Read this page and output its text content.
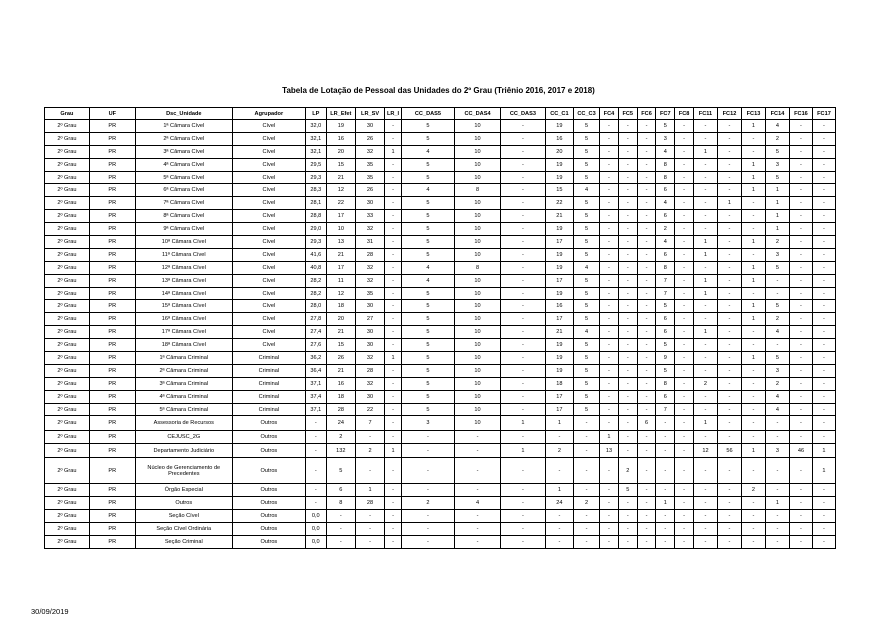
Tabela de Lotação de Pessoal das Unidades do 2º Grau (Triênio 2016, 2017 e 2018)
Grau	UF	Dsc_Unidade	Agrupador	LP	LR_Efet	LR_SV	LR_I	CC_DAS5	CC_DAS4	CC_DAS3	CC_C1	CC_C3	FC4	FC5	FC6	FC7	FC8	FC11	FC12	FC13	FC14	FC16	FC17
2º Grau	PR	1ª Câmara Cível	Cível	32,0	19	30	-	5	10	-	19	5	-	-	-	5	-	-	-	1	4	-	-
2º Grau	PR	2ª Câmara Cível	Cível	32,1	16	26	-	5	10	-	16	5	-	-	-	3	-	-	-	-	2	-	-
2º Grau	PR	3ª Câmara Cível	Cível	32,1	20	32	1	4	10	-	20	5	-	-	-	4	-	1	-	-	5	-	-
2º Grau	PR	4ª Câmara Cível	Cível	29,5	15	35	-	5	10	-	19	5	-	-	-	8	-	-	-	1	3	-	-
2º Grau	PR	5ª Câmara Cível	Cível	29,3	21	35	-	5	10	-	19	5	-	-	-	8	-	-	-	1	5	-	-
2º Grau	PR	6ª Câmara Cível	Cível	28,3	12	26	-	4	8	-	15	4	-	-	-	6	-	-	-	1	1	-	-
2º Grau	PR	7ª Câmara Cível	Cível	28,1	22	30	-	5	10	-	22	5	-	-	-	4	-	-	1	-	1	-	-
2º Grau	PR	8ª Câmara Cível	Cível	28,8	17	33	-	5	10	-	21	5	-	-	-	6	-	-	-	-	1	-	-
2º Grau	PR	9ª Câmara Cível	Cível	29,0	10	32	-	5	10	-	19	5	-	-	-	2	-	-	-	-	1	-	-
2º Grau	PR	10ª Câmara Cível	Cível	29,3	13	31	-	5	10	-	17	5	-	-	-	4	-	1	-	1	2	-	-
2º Grau	PR	11ª Câmara Cível	Cível	41,6	21	28	-	5	10	-	19	5	-	-	-	6	-	1	-	-	3	-	-
2º Grau	PR	12ª Câmara Cível	Cível	40,8	17	32	-	4	8	-	19	4	-	-	-	8	-	-	-	1	5	-	-
2º Grau	PR	13ª Câmara Cível	Cível	28,2	11	32	-	4	10	-	17	5	-	-	-	7	-	1	-	1	-	-	-
2º Grau	PR	14ª Câmara Cível	Cível	28,2	12	35	-	5	10	-	19	5	-	-	-	7	-	1	-	-	-	-	-
2º Grau	PR	15ª Câmara Cível	Cível	28,0	18	30	-	5	10	-	16	5	-	-	-	5	-	-	-	1	5	-	-
2º Grau	PR	16ª Câmara Cível	Cível	27,8	20	27	-	5	10	-	17	5	-	-	-	6	-	-	-	1	2	-	-
2º Grau	PR	17ª Câmara Cível	Cível	27,4	21	30	-	5	10	-	21	4	-	-	-	6	-	1	-	-	4	-	-
2º Grau	PR	18ª Câmara Cível	Cível	27,6	15	30	-	5	10	-	19	5	-	-	-	5	-	-	-	-	-	-	-
2º Grau	PR	1ª Câmara Criminal	Criminal	36,2	26	32	1	5	10	-	19	5	-	-	-	9	-	-	-	1	5	-	-
2º Grau	PR	2ª Câmara Criminal	Criminal	36,4	21	28	-	5	10	-	19	5	-	-	-	5	-	-	-	-	3	-	-
2º Grau	PR	3ª Câmara Criminal	Criminal	37,1	16	32	-	5	10	-	18	5	-	-	-	8	-	2	-	-	2	-	-
2º Grau	PR	4ª Câmara Criminal	Criminal	37,4	18	30	-	5	10	-	17	5	-	-	-	6	-	-	-	-	4	-	-
2º Grau	PR	5ª Câmara Criminal	Criminal	37,1	28	22	-	5	10	-	17	5	-	-	-	7	-	-	-	-	4	-	-
2º Grau	PR	Assessoria de Recursos	Outros	-	24	7	-	3	10	1	1	-	-	-	6	-	-	1	-	-	-	-	-
2º Grau	PR	CEJUSC_2G	Outros	-	2	-	-	-	-	-	-	-	1	-	-	-	-	-	-	-	-	-	-
2º Grau	PR	Departamento Judiciário	Outros	-	132	2	1	-	-	1	2	-	13	-	-	-	-	12	56	1	3	46	1
2º Grau	PR	Núcleo de Gerenciamento de Precedentes	Outros	-	5	-	-	-	-	-	-	-	-	2	-	-	-	-	-	-	-	-	1
2º Grau	PR	Órgão Especial	Outros	-	6	1	-	-	-	-	1	-	-	5	-	-	-	-	-	2	-	-	-
2º Grau	PR	Outros	Outros	-	8	28	-	2	4	-	24	2	-	-	-	1	-	-	-	-	1	-	-
2º Grau	PR	Seção Cível	Outros	0,0	-	-	-	-	-	-	-	-	-	-	-	-	-	-	-	-	-	-	-
2º Grau	PR	Seção Cível Ordinária	Outros	0,0	-	-	-	-	-	-	-	-	-	-	-	-	-	-	-	-	-	-	-
2º Grau	PR	Seção Criminal	Outros	0,0	-	-	-	-	-	-	-	-	-	-	-	-	-	-	-	-	-	-	-
30/09/2019
